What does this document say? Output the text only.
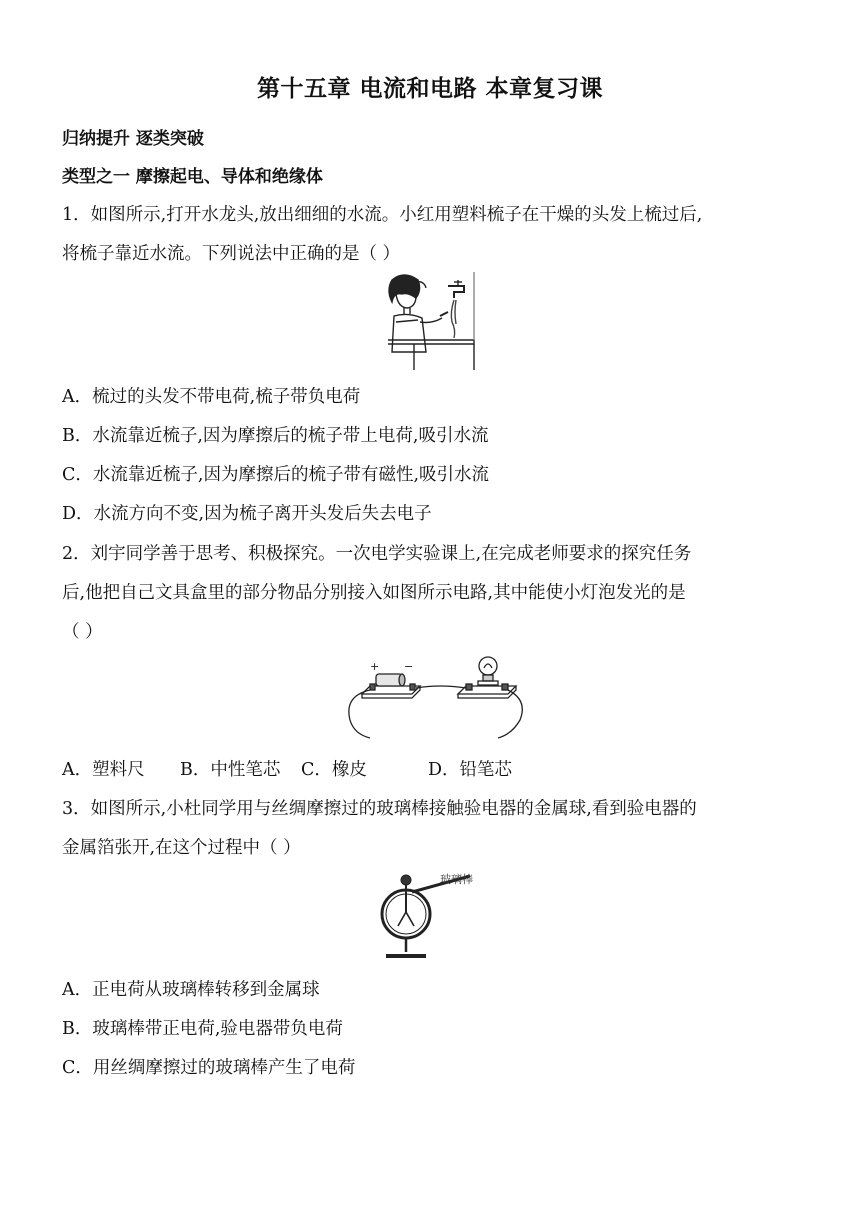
第十五章 电流和电路 本章复习课
归纳提升 逐类突破
类型之一 摩擦起电、导体和绝缘体
1．如图所示,打开水龙头,放出细细的水流。小红用塑料梳子在干燥的头发上梳过后,
将梳子靠近水流。下列说法中正确的是（ ）
A．梳过的头发不带电荷,梳子带负电荷
B．水流靠近梳子,因为摩擦后的梳子带上电荷,吸引水流
C．水流靠近梳子,因为摩擦后的梳子带有磁性,吸引水流
D．水流方向不变,因为梳子离开头发后失去电子
2．刘宇同学善于思考、积极探究。一次电学实验课上,在完成老师要求的探究任务
后,他把自己文具盒里的部分物品分别接入如图所示电路,其中能使小灯泡发光的是
（ ）
+ −
A．塑料尺 B．中性笔芯 C．橡皮	D．铅笔芯
3．如图所示,小杜同学用与丝绸摩擦过的玻璃棒接触验电器的金属球,看到验电器的
金属箔张开,在这个过程中（ ）
玻璃棒
A．正电荷从玻璃棒转移到金属球
B．玻璃棒带正电荷,验电器带负电荷
C．用丝绸摩擦过的玻璃棒产生了电荷
